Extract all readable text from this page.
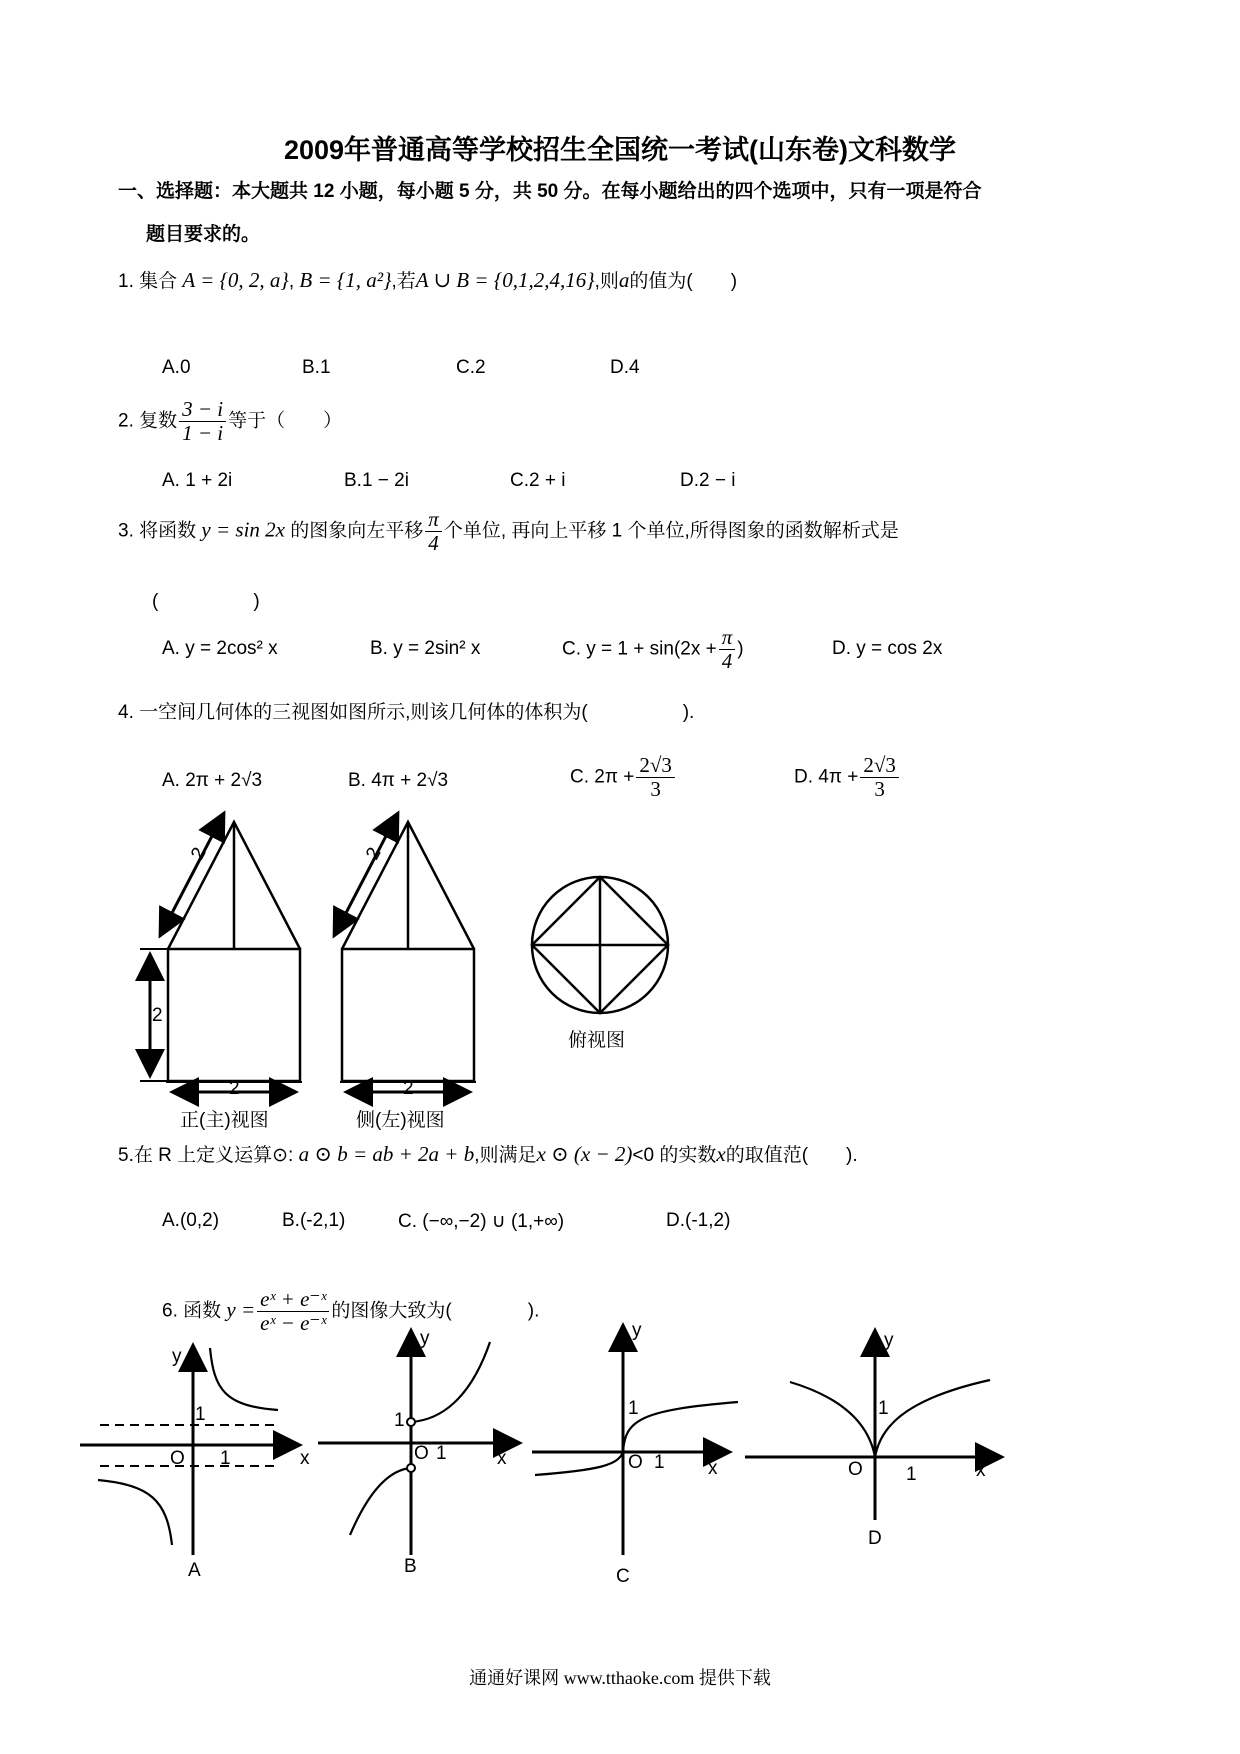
2009年普通高等学校招生全国统一考试(山东卷)文科数学
一、选择题：本大题共 12 小题，每小题 5 分，共 50 分。在每小题给出的四个选项中，只有一项是符合
题目要求的。
1. 集合 A = {0, 2, a}, B = {1, a²},若A ∪ B = {0,1,2,4,16},则a的值为(　　)
A.0	B.1	C.2	D.4
2. 复数 $\frac{3 - i}{1 - i}$ 等于（　　）
A. 1 + 2i	B.1 − 2i	C.2 + i	D.2 − i
3. 将函数 y = sin 2x 的图象向左平移 $\frac{\pi}{4}$ 个单位, 再向上平移 1 个单位,所得图象的函数解析式是
(　　　　　)
A. y = 2cos² x	B. y = 2sin² x	C. $y = 1 + \sin(2x + \frac{\pi}{4}$ )	D. y = cos 2x
4. 一空间几何体的三视图如图所示,则该几何体的体积为(　　　　　).
A. 2π + 2√3	B. 4π + 2√3	C. $2\pi + \frac{2√3}{3}$	D. $4\pi + \frac{2√3}{3}$
2	2
2
2	2
正(主)视图	侧(左)视图
俯视图
5.在 R 上定义运算⊙: a ⊙ b = ab + 2a + b,则满足x ⊙ (x − 2)<0 的实数x的取值范(　　).
A.(0,2)	B.(-2,1)	C. (−∞,−2) ∪ (1,+∞)	D.(-1,2)
6. 函数 $y = \frac{\text{eˣ + e⁻ˣ}}{\text{eˣ − e⁻ˣ}}$ 的图像大致为(　　　　).
y
1
O 1	x
A
y
1
O 1	x
B
y
1
O 1 x
C
y
1
O 1	x
D
通通好课网 www.tthaoke.com 提供下载
